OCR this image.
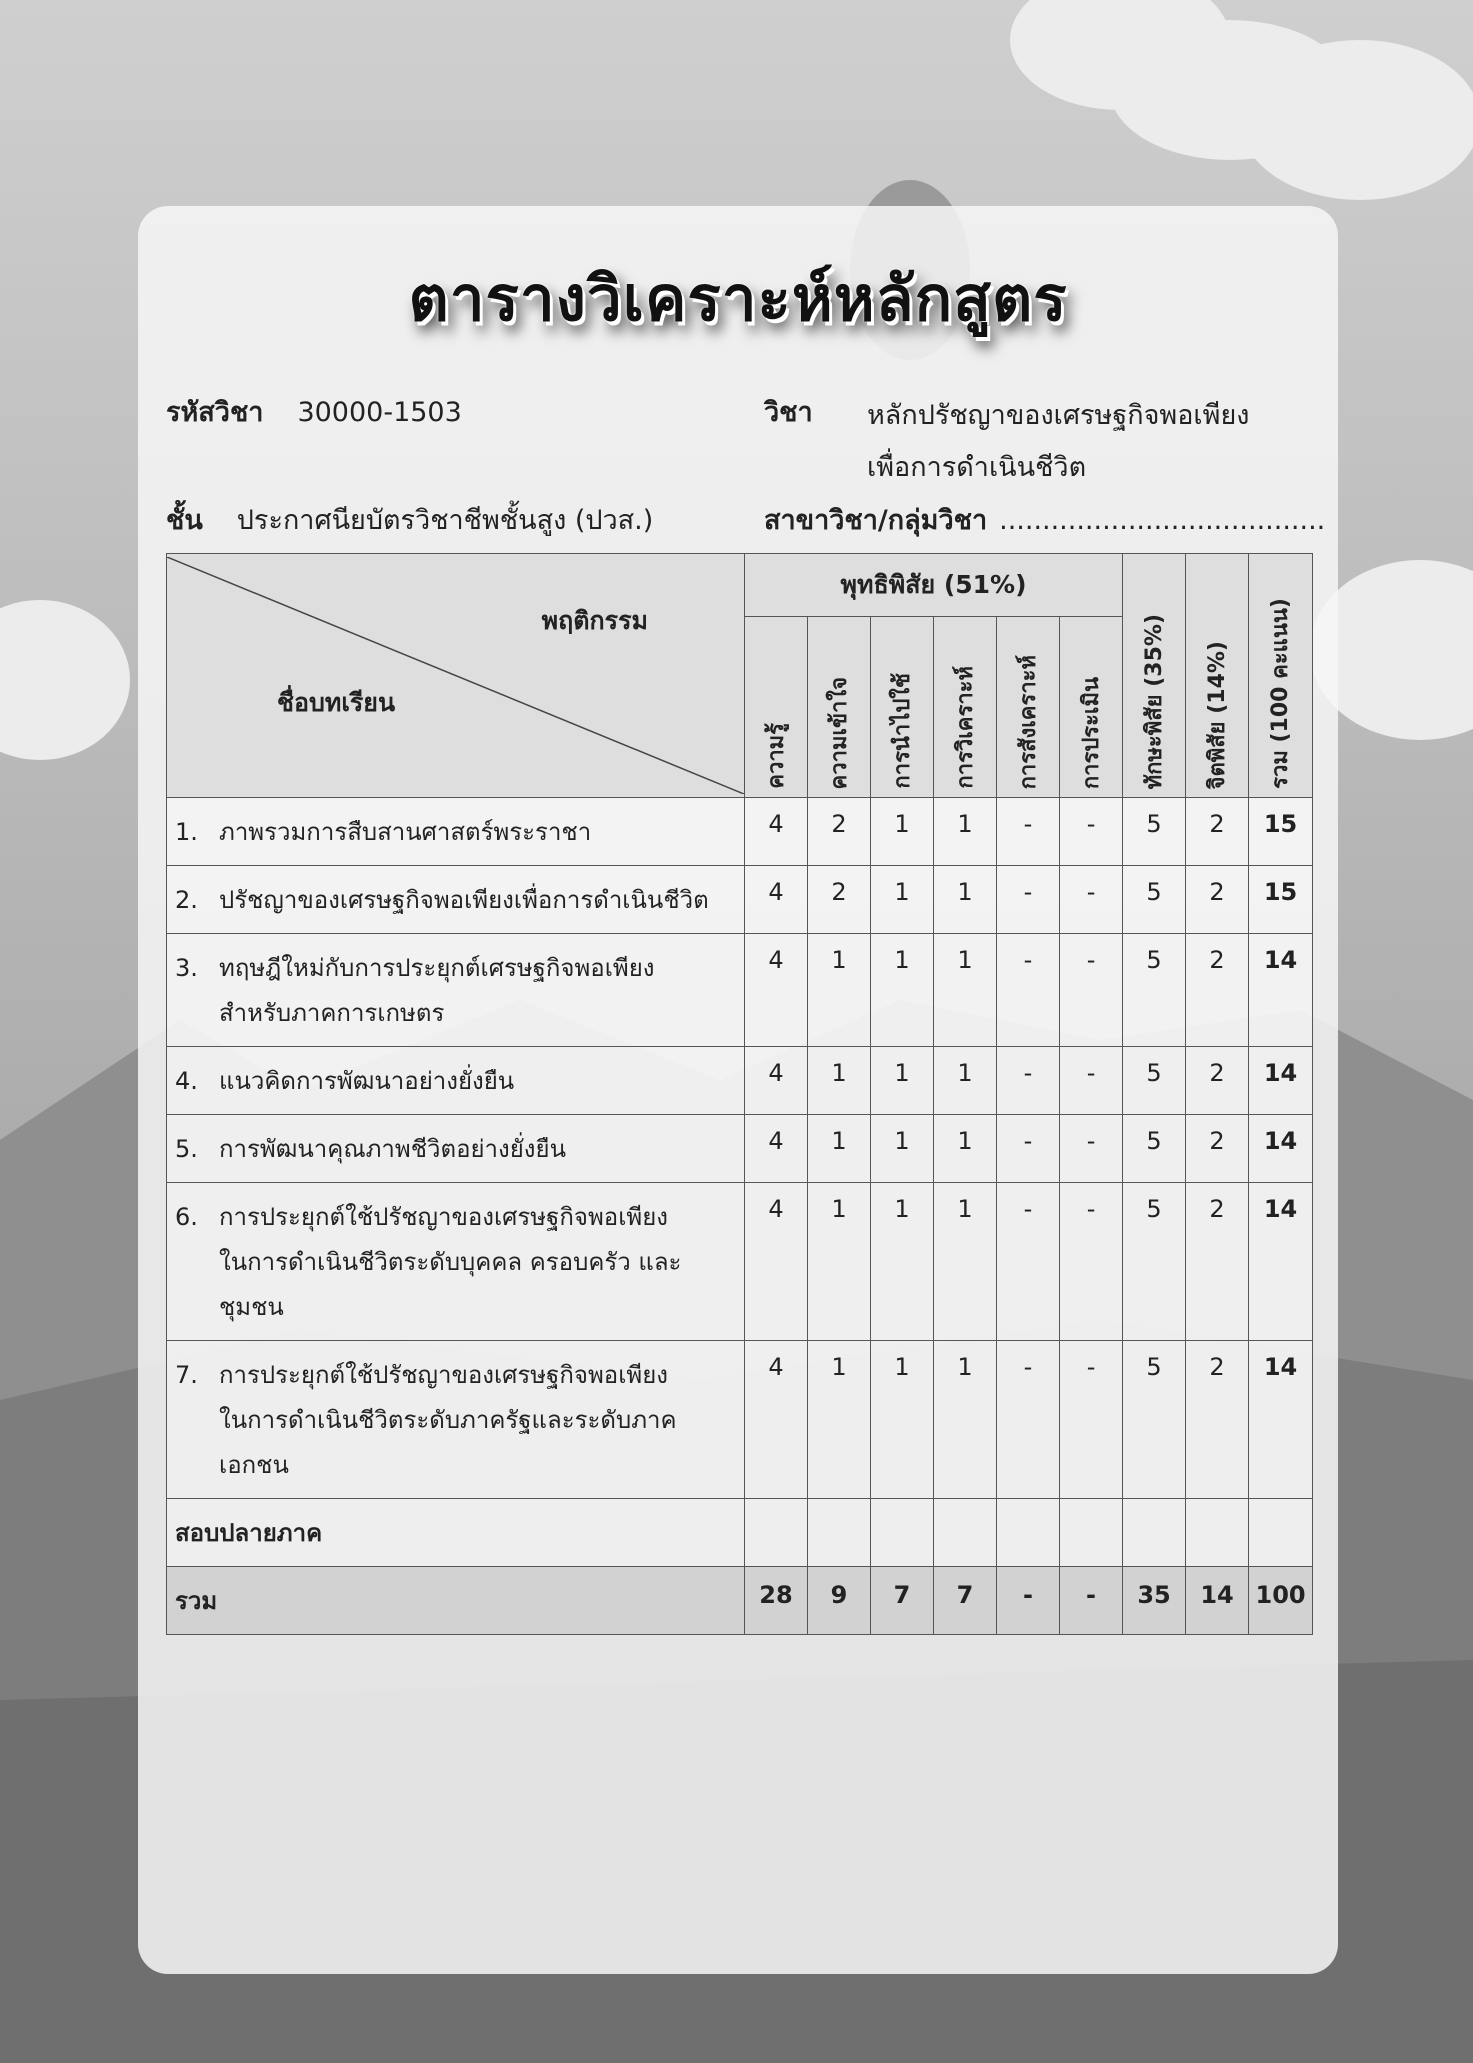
ตารางวิเคราะห์หลักสูตร
รหัสวิชา 30000-1503	วิชา	หลักปรัชญาของเศรษฐกิจพอเพียง
เพื่อการดำเนินชีวิต
ชั้น ประกาศนียบัตรวิชาชีพชั้นสูง (ปวส.)	สาขาวิชา/กลุ่มวิชา ......................................
พฤติกรรม
ชื่อบทเรียน	พุทธิพิสัย (51%)						ทักษะพิสัย (35%)	จิตพิสัย (14%)	รวม (100 คะแนน)

ความรู้	ความเข้าใจ	การนำไปใช้	การวิเคราะห์	การสังเคราะห์	การประเมิน			

1. ภาพรวมการสืบสานศาสตร์พระราชา	4	2	1	1	-	-	5	2	15
2. ปรัชญาของเศรษฐกิจพอเพียงเพื่อการดำเนินชีวิต	4	2	1	1	-	-	5	2	15
3. ทฤษฎีใหม่กับการประยุกต์เศรษฐกิจพอเพียง
สำหรับภาคการเกษตร	4	1	1	1	-	-	5	2	14
4. แนวคิดการพัฒนาอย่างยั่งยืน	4	1	1	1	-	-	5	2	14
5. การพัฒนาคุณภาพชีวิตอย่างยั่งยืน	4	1	1	1	-	-	5	2	14
6. การประยุกต์ใช้ปรัชญาของเศรษฐกิจพอเพียง
ในการดำเนินชีวิตระดับบุคคล ครอบครัว และชุมชน	4	1	1	1	-	-	5	2	14
7. การประยุกต์ใช้ปรัชญาของเศรษฐกิจพอเพียง
ในการดำเนินชีวิตระดับภาครัฐและระดับภาคเอกชน	4	1	1	1	-	-	5	2	14
สอบปลายภาค									
รวม	28	9	7	7	-	-	35	14	100
